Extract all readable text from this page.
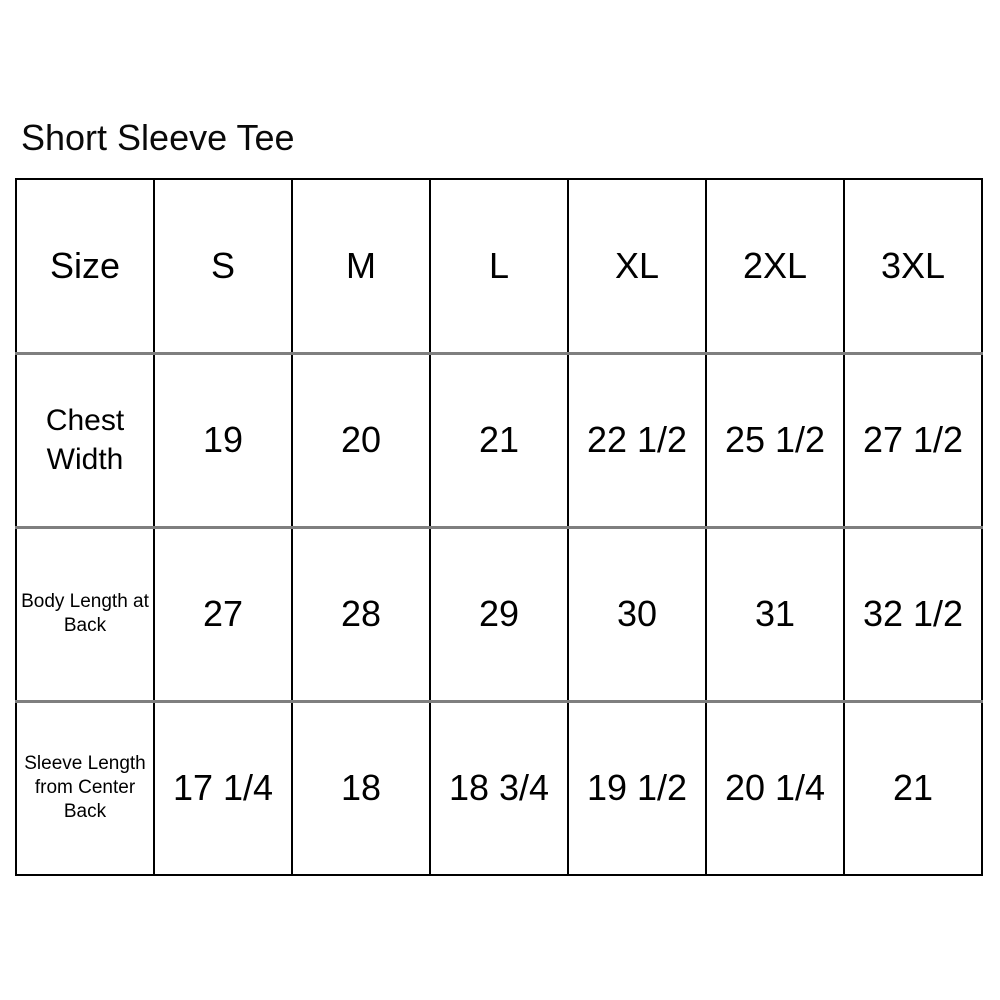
Short Sleeve Tee
Size	S	M	L	XL	2XL	3XL
Chest Width	19	20	21	22 1/2	25 1/2	27 1/2
Body Length at Back	27	28	29	30	31	32 1/2
Sleeve Length from Center Back	17 1/4	18	18 3/4	19 1/2	20 1/4	21
